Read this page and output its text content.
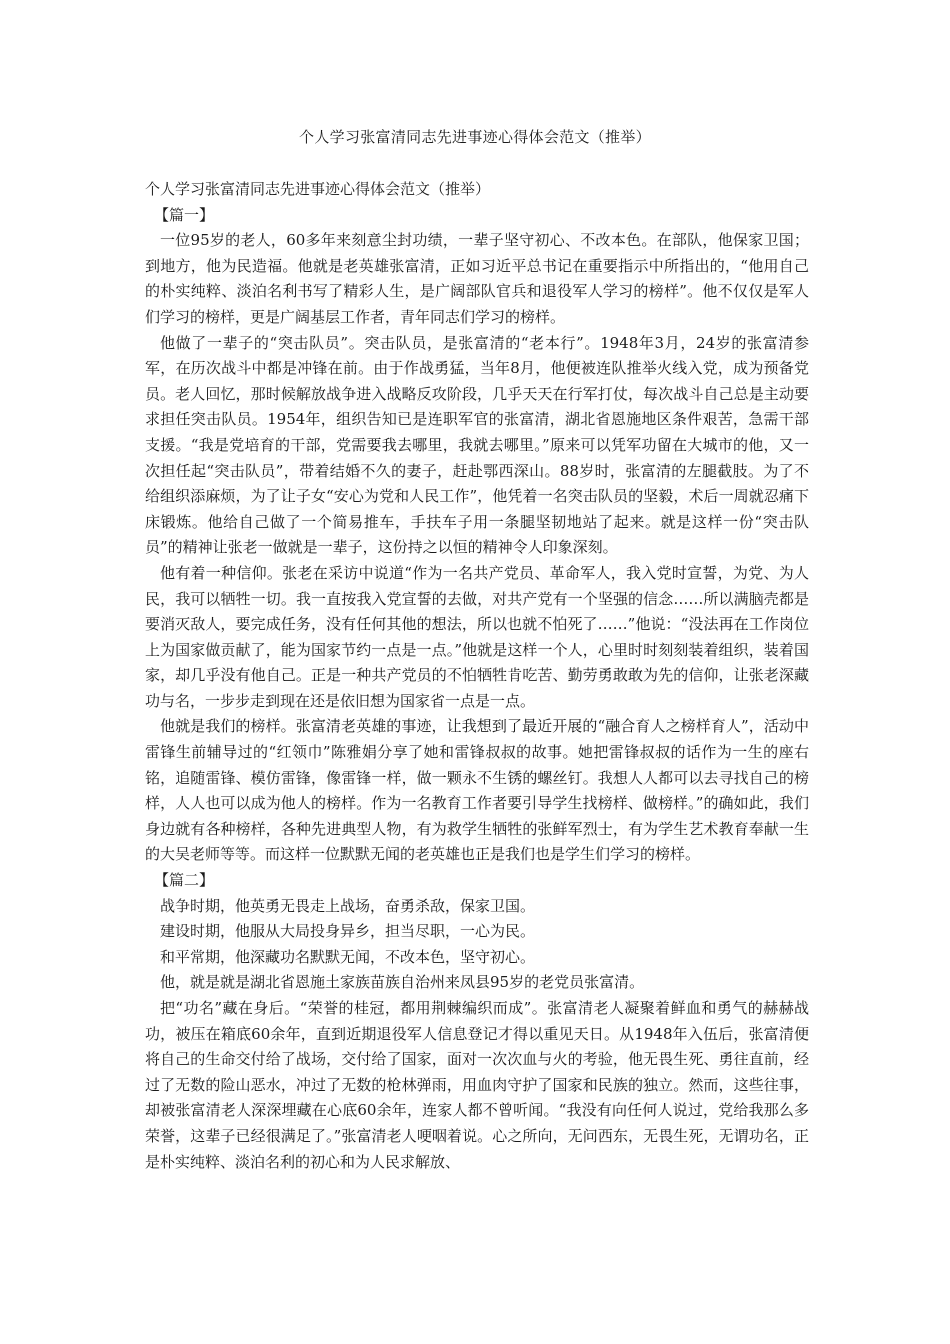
个人学习张富清同志先进事迹心得体会范文（推举）

个人学习张富清同志先进事迹心得体会范文（推举）

【篇一】

一位95岁的老人，60多年来刻意尘封功绩，一辈子坚守初心、不改本色。在部队，他保家卫国；到地方，他为民造福。他就是老英雄张富清，正如习近平总书记在重要指示中所指出的，“他用自己的朴实纯粹、淡泊名利书写了精彩人生，是广阔部队官兵和退役军人学习的榜样”。他不仅仅是军人们学习的榜样，更是广阔基层工作者，青年同志们学习的榜样。

他做了一辈子的“突击队员”。突击队员，是张富清的“老本行”。1948年3月，24岁的张富清参军，在历次战斗中都是冲锋在前。由于作战勇猛，当年8月，他便被连队推举火线入党，成为预备党员。老人回忆，那时候解放战争进入战略反攻阶段，几乎天天在行军打仗，每次战斗自己总是主动要求担任突击队员。1954年，组织告知已是连职军官的张富清，湖北省恩施地区条件艰苦，急需干部支援。“我是党培育的干部，党需要我去哪里，我就去哪里。”原来可以凭军功留在大城市的他，又一次担任起“突击队员”，带着结婚不久的妻子，赶赴鄂西深山。88岁时，张富清的左腿截肢。为了不给组织添麻烦，为了让子女“安心为党和人民工作”，他凭着一名突击队员的坚毅，术后一周就忍痛下床锻炼。他给自己做了一个简易推车，手扶车子用一条腿坚韧地站了起来。就是这样一份“突击队员”的精神让张老一做就是一辈子，这份持之以恒的精神令人印象深刻。

他有着一种信仰。张老在采访中说道“作为一名共产党员、革命军人，我入党时宣誓，为党、为人民，我可以牺牲一切。我一直按我入党宣誓的去做，对共产党有一个坚强的信念……所以满脑壳都是要消灭敌人，要完成任务，没有任何其他的想法，所以也就不怕死了……”他说：“没法再在工作岗位上为国家做贡献了，能为国家节约一点是一点。”他就是这样一个人，心里时时刻刻装着组织，装着国家，却几乎没有他自己。正是一种共产党员的不怕牺牲肯吃苦、勤劳勇敢敢为先的信仰，让张老深藏功与名，一步步走到现在还是依旧想为国家省一点是一点。

他就是我们的榜样。张富清老英雄的事迹，让我想到了最近开展的“融合育人之榜样育人”，活动中雷锋生前辅导过的“红领巾”陈雅娟分享了她和雷锋叔叔的故事。她把雷锋叔叔的话作为一生的座右铭，追随雷锋、模仿雷锋，像雷锋一样，做一颗永不生锈的螺丝钉。我想人人都可以去寻找自己的榜样，人人也可以成为他人的榜样。作为一名教育工作者要引导学生找榜样、做榜样。”的确如此，我们身边就有各种榜样，各种先进典型人物，有为救学生牺牲的张鲜军烈士，有为学生艺术教育奉献一生的大吴老师等等。而这样一位默默无闻的老英雄也正是我们也是学生们学习的榜样。

【篇二】

战争时期，他英勇无畏走上战场，奋勇杀敌，保家卫国。

建设时期，他服从大局投身异乡，担当尽职，一心为民。

和平常期，他深藏功名默默无闻，不改本色，坚守初心。

他，就是就是湖北省恩施土家族苗族自治州来凤县95岁的老党员张富清。

把“功名”藏在身后。“荣誉的桂冠，都用荆棘编织而成”。张富清老人凝聚着鲜血和勇气的赫赫战功，被压在箱底60余年，直到近期退役军人信息登记才得以重见天日。从1948年入伍后，张富清便将自己的生命交付给了战场，交付给了国家，面对一次次血与火的考验，他无畏生死、勇往直前，经过了无数的险山恶水，冲过了无数的枪林弹雨，用血肉守护了国家和民族的独立。然而，这些往事，却被张富清老人深深埋藏在心底60余年，连家人都不曾听闻。“我没有向任何人说过，党给我那么多荣誉，这辈子已经很满足了。”张富清老人哽咽着说。心之所向，无问西东，无畏生死，无谓功名，正是朴实纯粹、淡泊名利的初心和为人民求解放、
